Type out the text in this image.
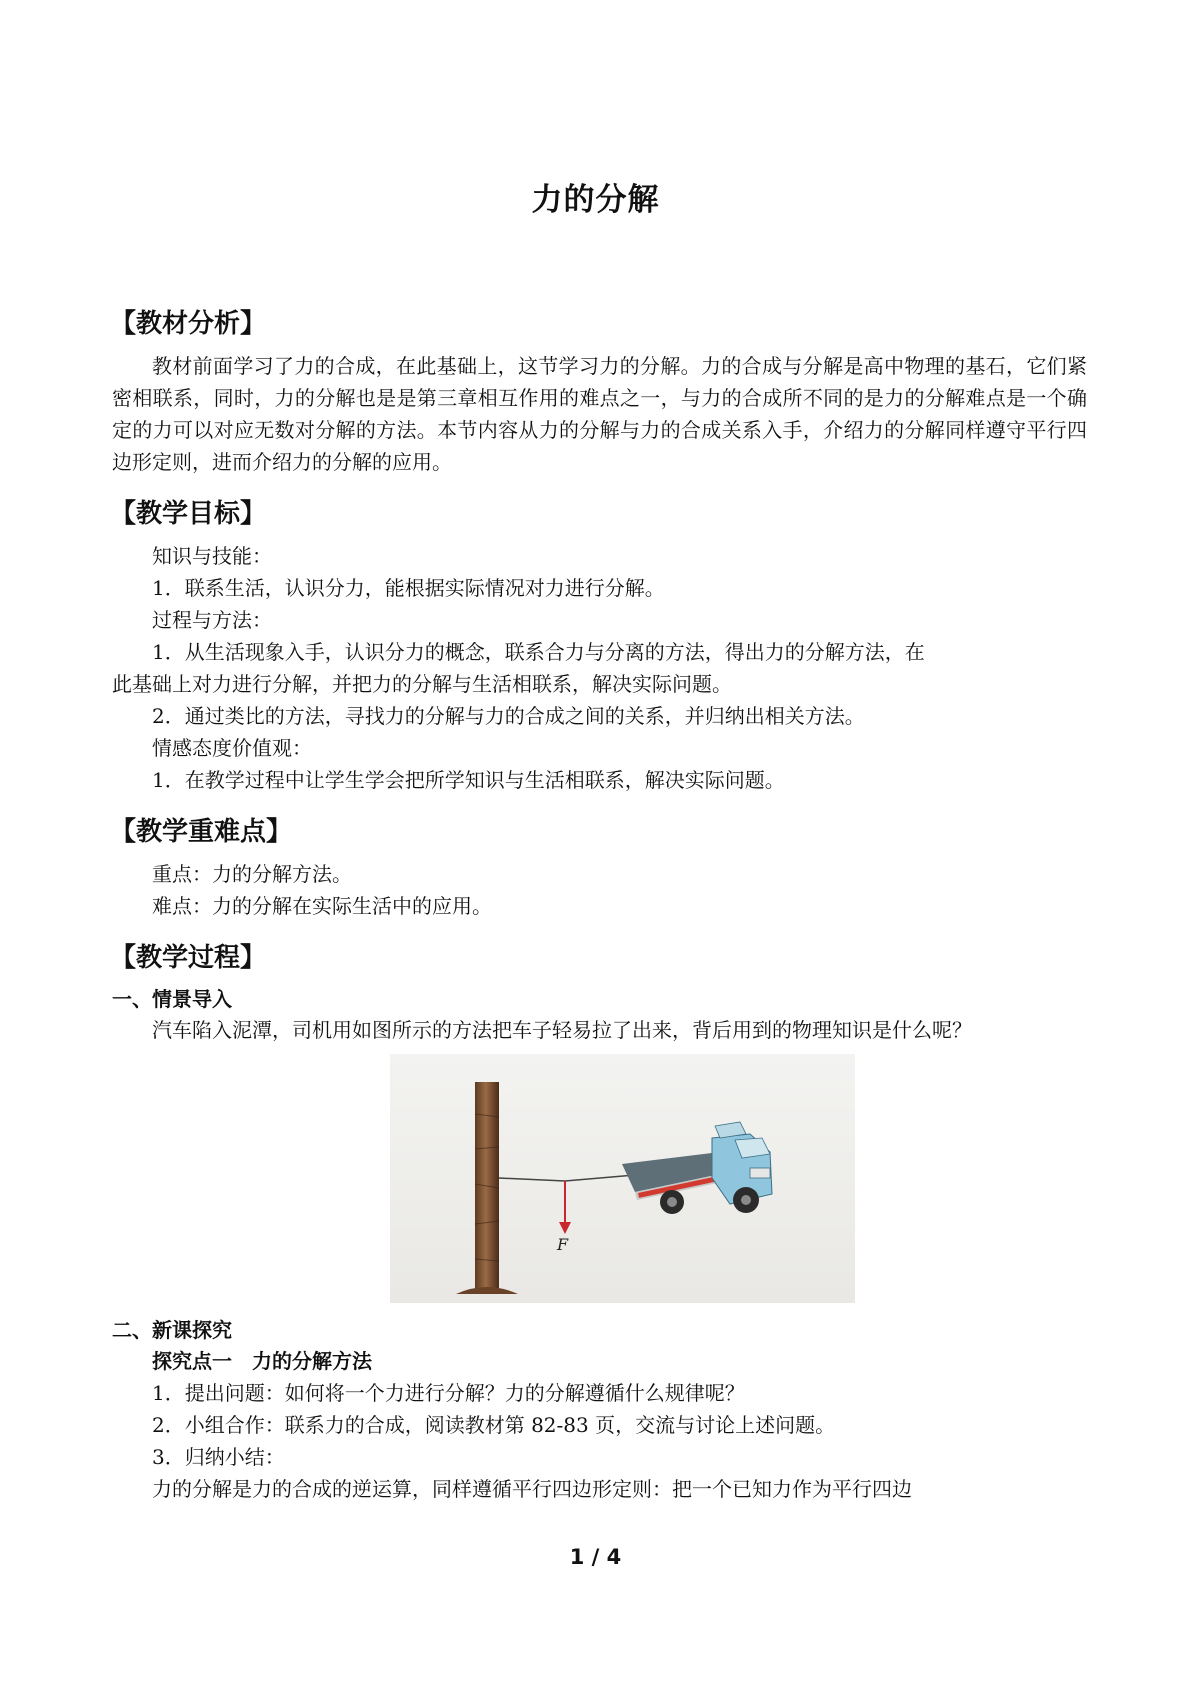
力的分解
【教材分析】

教材前面学习了力的合成，在此基础上，这节学习力的分解。力的合成与分解是高中物理的基石，它们紧密相联系，同时，力的分解也是是第三章相互作用的难点之一，与力的合成所不同的是力的分解难点是一个确定的力可以对应无数对分解的方法。本节内容从力的分解与力的合成关系入手，介绍力的分解同样遵守平行四边形定则，进而介绍力的分解的应用。

【教学目标】

知识与技能：

1．联系生活，认识分力，能根据实际情况对力进行分解。

过程与方法：

1．从生活现象入手，认识分力的概念，联系合力与分离的方法，得出力的分解方法，在

此基础上对力进行分解，并把力的分解与生活相联系，解决实际问题。

2．通过类比的方法，寻找力的分解与力的合成之间的关系，并归纳出相关方法。

情感态度价值观：

1．在教学过程中让学生学会把所学知识与生活相联系，解决实际问题。

【教学重难点】

重点：力的分解方法。

难点：力的分解在实际生活中的应用。

【教学过程】

一、情景导入

汽车陷入泥潭，司机用如图所示的方法把车子轻易拉了出来，背后用到的物理知识是什么呢？

F

二、新课探究

探究点一　力的分解方法

1．提出问题：如何将一个力进行分解？力的分解遵循什么规律呢？

2．小组合作：联系力的合成，阅读教材第 82-83 页，交流与讨论上述问题。

3．归纳小结：

力的分解是力的合成的逆运算，同样遵循平行四边形定则：把一个已知力作为平行四边

1 / 4
